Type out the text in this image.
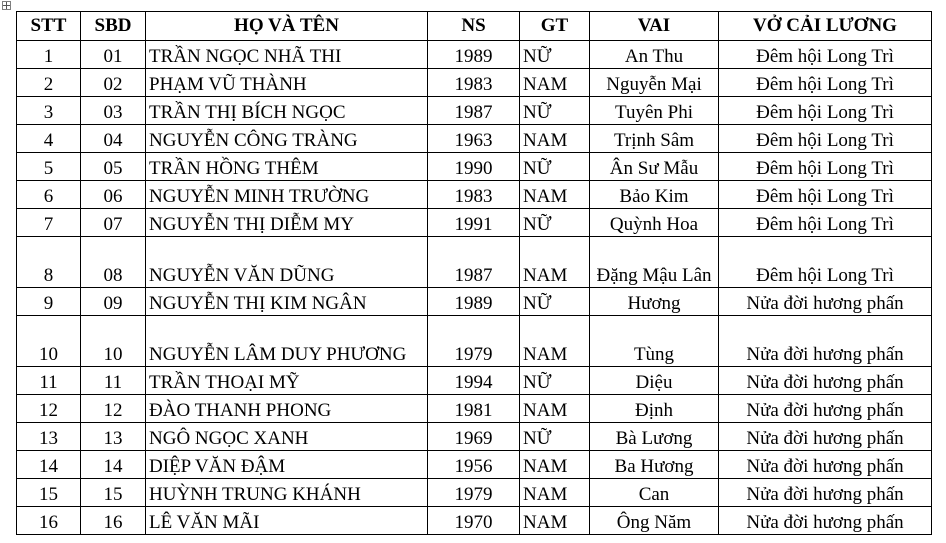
STT	SBD	HỌ VÀ TÊN	NS	GT	VAI	VỞ CẢI LƯƠNG
1	01	TRẦN NGỌC NHÃ THI	1989	NỮ	An Thu	Đêm hội Long Trì
2	02	PHẠM VŨ THÀNH	1983	NAM	Nguyễn Mại	Đêm hội Long Trì
3	03	TRẦN THỊ BÍCH NGỌC	1987	NỮ	Tuyên Phi	Đêm hội Long Trì
4	04	NGUYỄN CÔNG TRÀNG	1963	NAM	Trịnh Sâm	Đêm hội Long Trì
5	05	TRẦN HỒNG THÊM	1990	NỮ	Ân Sư Mẫu	Đêm hội Long Trì
6	06	NGUYỄN MINH TRƯỜNG	1983	NAM	Bảo Kim	Đêm hội Long Trì
7	07	NGUYỄN THỊ DIỄM MY	1991	NỮ	Quỳnh Hoa	Đêm hội Long Trì
8	08	NGUYỄN VĂN DŨNG	1987	NAM	Đặng Mậu Lân	Đêm hội Long Trì
9	09	NGUYỄN THỊ KIM NGÂN	1989	NỮ	Hương	Nửa đời hương phấn
10	10	NGUYỄN LÂM DUY PHƯƠNG	1979	NAM	Tùng	Nửa đời hương phấn
11	11	TRẦN THOẠI MỸ	1994	NỮ	Diệu	Nửa đời hương phấn
12	12	ĐÀO THANH PHONG	1981	NAM	Định	Nửa đời hương phấn
13	13	NGÔ NGỌC XANH	1969	NỮ	Bà Lương	Nửa đời hương phấn
14	14	DIỆP VĂN ĐẬM	1956	NAM	Ba Hương	Nửa đời hương phấn
15	15	HUỲNH TRUNG KHÁNH	1979	NAM	Can	Nửa đời hương phấn
16	16	LÊ VĂN MÃI	1970	NAM	Ông Năm	Nửa đời hương phấn
